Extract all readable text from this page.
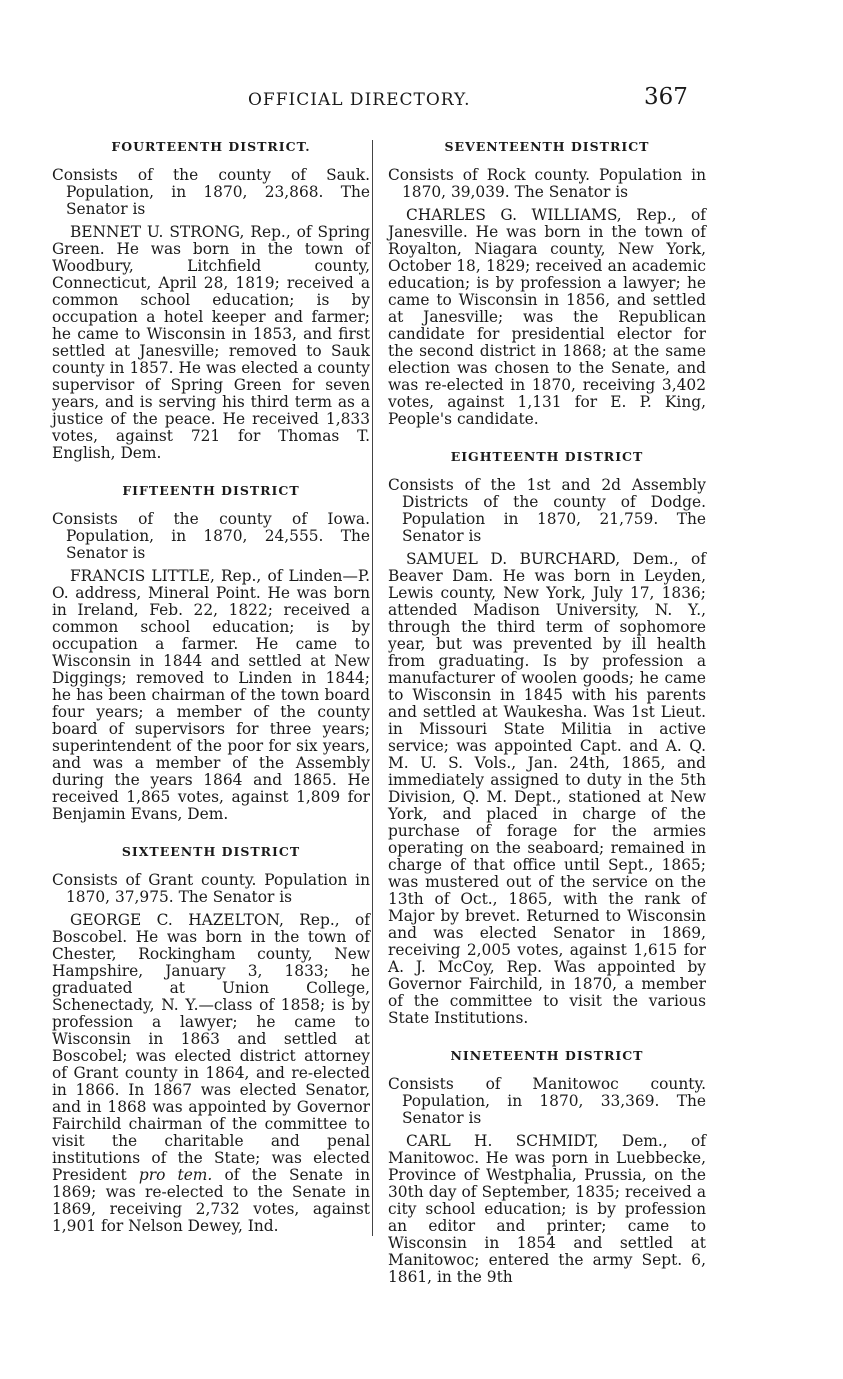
OFFICIAL DIRECTORY.	367
FOURTEENTH DISTRICT.

Consists of the county of Sauk. Population, in 1870, 23,868. The Senator is

BENNET U. STRONG, Rep., of Spring Green. He was born in the town of Woodbury, Litchfield county, Connecticut, April 28, 1819; received a common school education; is by occupation a hotel keeper and farmer; he came to Wisconsin in 1853, and first settled at Janesville; removed to Sauk county in 1857. He was elected a county supervisor of Spring Green for seven years, and is serving his third term as a justice of the peace. He received 1,833 votes, against 721 for Thomas T. English, Dem.

FIFTEENTH DISTRICT

Consists of the county of Iowa. Population, in 1870, 24,555. The Senator is

FRANCIS LITTLE, Rep., of Linden—P. O. address, Mineral Point. He was born in Ireland, Feb. 22, 1822; received a common school education; is by occupation a farmer. He came to Wisconsin in 1844 and settled at New Diggings; removed to Linden in 1844; he has been chairman of the town board four years; a member of the county board of supervisors for three years; superintendent of the poor for six years, and was a member of the Assembly during the years 1864 and 1865. He received 1,865 votes, against 1,809 for Benjamin Evans, Dem.

SIXTEENTH DISTRICT

Consists of Grant county. Population in 1870, 37,975. The Senator is

GEORGE C. HAZELTON, Rep., of Boscobel. He was born in the town of Chester, Rockingham county, New Hampshire, January 3, 1833; he graduated at Union College, Schenectady, N. Y.—class of 1858; is by profession a lawyer; he came to Wisconsin in 1863 and settled at Boscobel; was elected district attorney of Grant county in 1864, and re-elected in 1866. In 1867 was elected Senator, and in 1868 was appointed by Governor Fairchild chairman of the committee to visit the charitable and penal institutions of the State; was elected President pro tem. of the Senate in 1869; was re-elected to the Senate in 1869, receiving 2,732 votes, against 1,901 for Nelson Dewey, Ind.

SEVENTEENTH DISTRICT

Consists of Rock county. Population in 1870, 39,039. The Senator is

CHARLES G. WILLIAMS, Rep., of Janesville. He was born in the town of Royalton, Niagara county, New York, October 18, 1829; received an academic education; is by profession a lawyer; he came to Wisconsin in 1856, and settled at Janesville; was the Republican candidate for presidential elector for the second district in 1868; at the same election was chosen to the Senate, and was re-elected in 1870, receiving 3,402 votes, against 1,131 for E. P. King, People's candidate.

EIGHTEENTH DISTRICT

Consists of the 1st and 2d Assembly Districts of the county of Dodge. Population in 1870, 21,759. The Senator is

SAMUEL D. BURCHARD, Dem., of Beaver Dam. He was born in Leyden, Lewis county, New York, July 17, 1836; attended Madison University, N. Y., through the third term of sophomore year, but was prevented by ill health from graduating. Is by profession a manufacturer of woolen goods; he came to Wisconsin in 1845 with his parents and settled at Waukesha. Was 1st Lieut. in Missouri State Militia in active service; was appointed Capt. and A. Q. M. U. S. Vols., Jan. 24th, 1865, and immediately assigned to duty in the 5th Division, Q. M. Dept., stationed at New York, and placed in charge of the purchase of forage for the armies operating on the seaboard; remained in charge of that office until Sept., 1865; was mustered out of the service on the 13th of Oct., 1865, with the rank of Major by brevet. Returned to Wisconsin and was elected Senator in 1869, receiving 2,005 votes, against 1,615 for A. J. McCoy, Rep. Was appointed by Governor Fairchild, in 1870, a member of the committee to visit the various State Institutions.

NINETEENTH DISTRICT

Consists of Manitowoc county. Population, in 1870, 33,369. The Senator is

CARL H. SCHMIDT, Dem., of Manitowoc. He was porn in Luebbecke, Province of Westphalia, Prussia, on the 30th day of September, 1835; received a city school education; is by profession an editor and printer; came to Wisconsin in 1854 and settled at Manitowoc; entered the army Sept. 6, 1861, in the 9th
